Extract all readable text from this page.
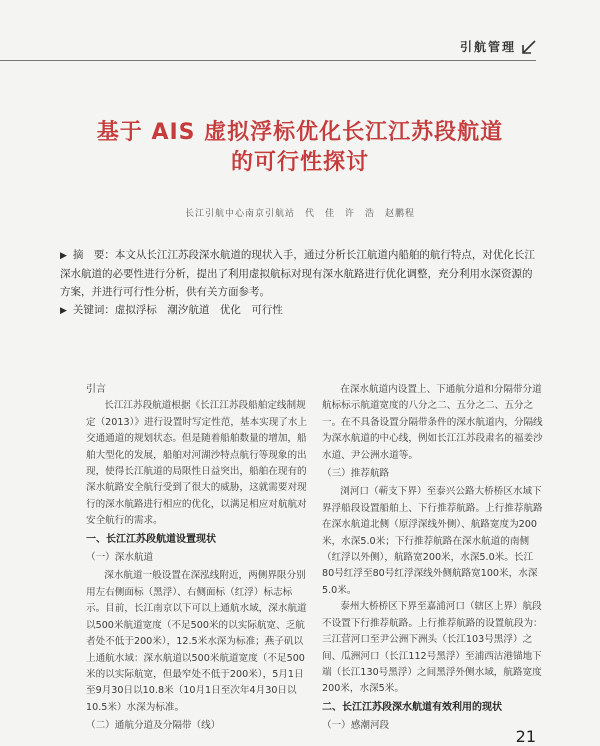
引航管理
基于 AIS 虚拟浮标优化长江江苏段航道
的可行性探讨
长江引航中心南京引航站　代　佳　许　浩　赵鹏程

▶ 摘　要：本文从长江江苏段深水航道的现状入手，通过分析长江航道内船舶的航行特点，对优化长江深水航道的必要性进行分析，提出了利用虚拟航标对现有深水航路进行优化调整，充分利用水深资源的方案，并进行可行性分析，供有关方面参考。

▶ 关键词：虚拟浮标　潮汐航道　优化　可行性

引言

长江江苏段航道根据《长江江苏段船舶定线制规定（2013）》进行设置时写定性范，基本实现了水上交通通道的规划状态。但是随着船舶数量的增加，船舶大型化的发展，船舶对河湖沙特点航行等现象的出现，使得长江航道的局限性日益突出，船舶在现有的深水航路安全航行受到了很大的威胁，这就需要对现行的深水航路进行相应的优化，以满足相应对航航对安全航行的需求。

一、长江江苏段航道设置现状

（一）深水航道

深水航道一般设置在深泓线附近，两侧界限分别用左右侧面标（黑浮）、右侧面标（红浮）标志标示。目前，长江南京以下可以上通航水域，深水航道以500米航道宽度（不足500米的以实际航宽、乏航者处不低于200米），12.5米水深为标准；燕子矶以上通航水域：深水航道以500米航道宽度（不足500米的以实际航宽，但最窄处不低于200米），5月1日至9月30日以10.8米（10月1日至次年4月30日以10.5米）水深为标准。

（二）通航分道及分隔带（线）

在深水航道内设置上、下通航分道和分隔带分道航标标示航道宽度的八分之二、五分之二、五分之一。在不具备设置分隔带条件的深水航道内，分隔线为深水航道的中心线，例如长江江苏段肃名的福姜沙水道、尹公洲水道等。

（三）推荐航路

浏河口（蕲支下界）至泰兴公路大桥桥区水域下界浮船段设置船舶上、下行推荐航路。上行推荐航路在深水航道北侧（原浮深线外侧）、航路宽度为200米，水深5.0米；下行推荐航路在深水航道的南侧（红浮以外侧），航路宽200米，水深5.0米。长江80号红浮至80号红浮深线外侧航路宽100米，水深5.0米。

泰州大桥桥区下界至嘉浦河口（辖区上界）航段不设置下行推荐航路。上行推荐航路的设置航段为：三江营河口至尹公洲下洲头（长江103号黑浮）之间、瓜洲河口（长江112号黑浮）至浦西沽港锚地下端（长江130号黑浮）之间黑浮外侧水域，航路宽度200米，水深5米。

二、长江江苏段深水航道有效利用的现状

（一）感潮河段

21
